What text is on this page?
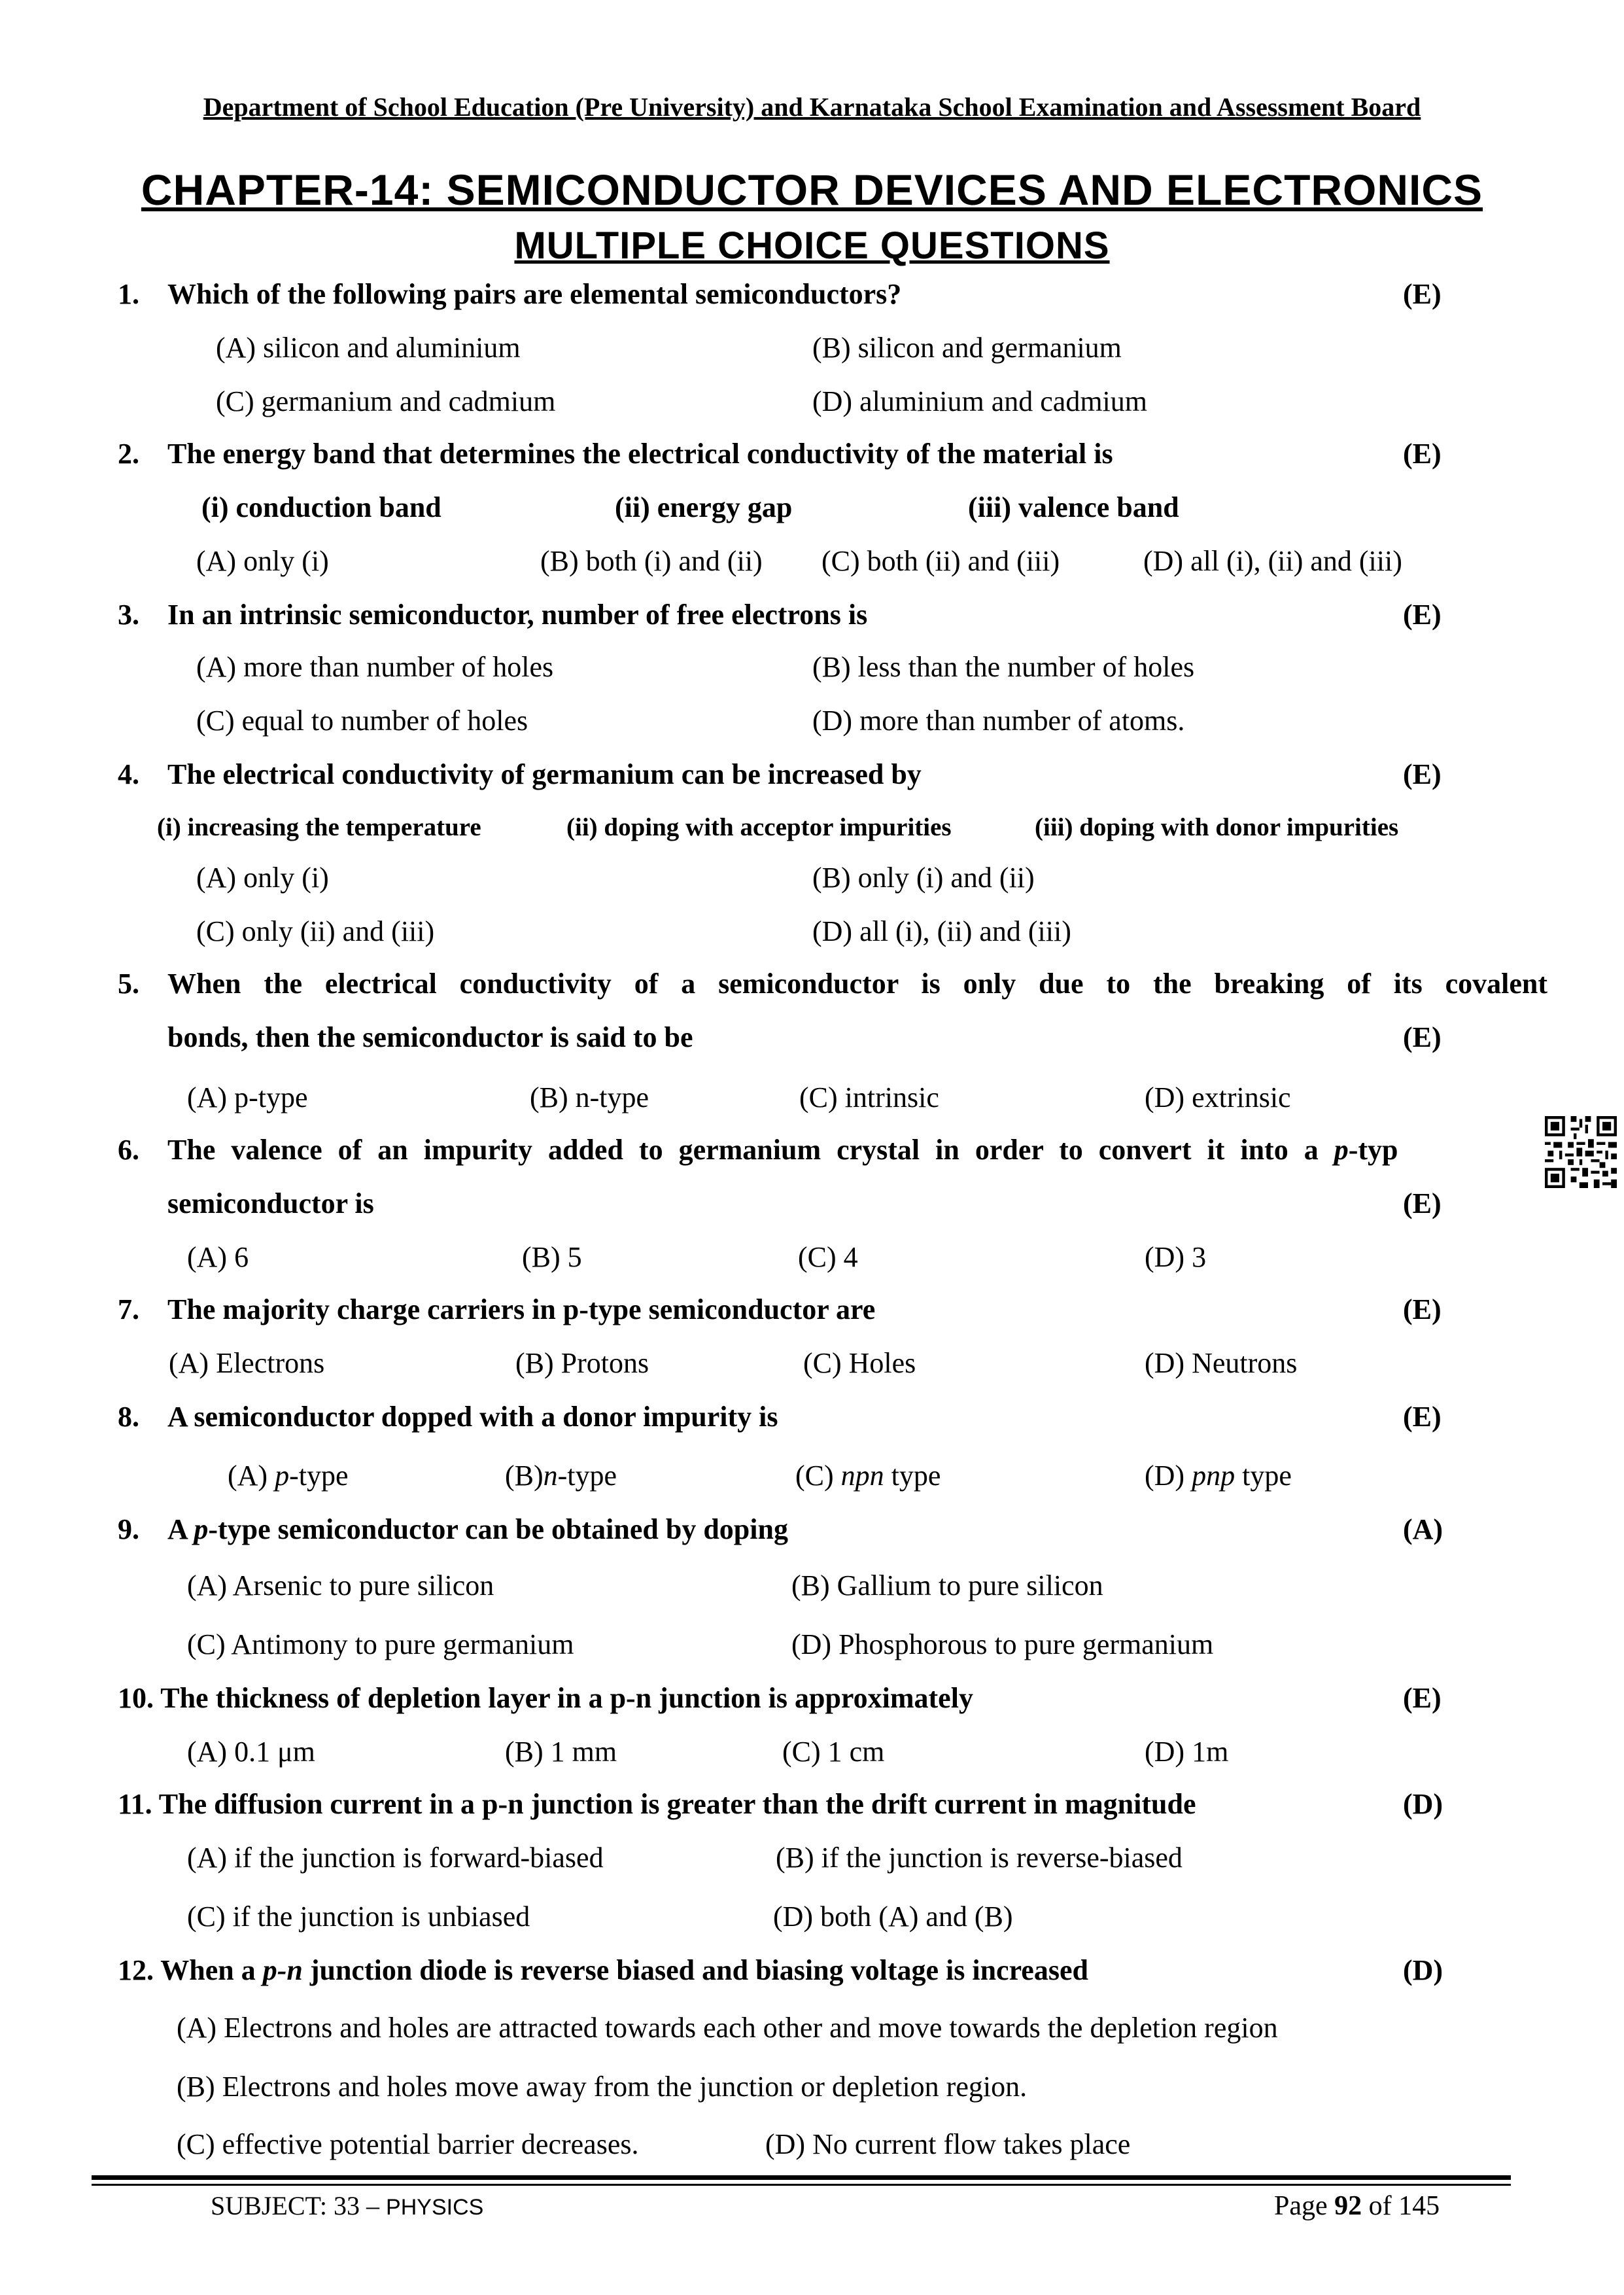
Department of School Education (Pre University) and Karnataka School Examination and Assessment Board
CHAPTER-14: SEMICONDUCTOR DEVICES AND ELECTRONICS
MULTIPLE CHOICE QUESTIONS
1. Which of the following pairs are elemental semiconductors?	(E)
(A) silicon and aluminium	(B) silicon and germanium
(C) germanium and cadmium	(D) aluminium and cadmium
2. The energy band that determines the electrical conductivity of the material is	(E)
(i) conduction band	(ii) energy gap	(iii) valence band
(A) only (i)	(B) both (i) and (ii) (C) both (ii) and (iii)	(D) all (i), (ii) and (iii)
3. In an intrinsic semiconductor, number of free electrons is	(E)
(A) more than number of holes	(B) less than the number of holes
(C) equal to number of holes	(D) more than number of atoms.
4. The electrical conductivity of germanium can be increased by	(E)
(i) increasing the temperature	(ii) doping with acceptor impurities	(iii) doping with donor impurities
(A) only (i)	(B) only (i) and (ii)
(C) only (ii) and (iii)	(D) all (i), (ii) and (iii)
5. When the electrical conductivity of a semiconductor is only due to the breaking of its covalent
bonds, then the semiconductor is said to be	(E)
(A) p-type	(B) n-type	(C) intrinsic	(D) extrinsic
6. The valence of an impurity added to germanium crystal in order to convert it into a p-typ
semiconductor is	(E)
(A) 6	(B) 5	(C) 4	(D) 3
7. The majority charge carriers in p-type semiconductor are	(E)
(A) Electrons	(B) Protons	(C) Holes	(D) Neutrons
8. A semiconductor dopped with a donor impurity is	(E)
(A) p-type	(B)n-type	(C) npn type	(D) pnp type
9. A p-type semiconductor can be obtained by doping	(A)
(A) Arsenic to pure silicon	(B) Gallium to pure silicon
(C) Antimony to pure germanium	(D) Phosphorous to pure germanium
10. The thickness of depletion layer in a p-n junction is approximately	(E)
(A) 0.1 μm	(B) 1 mm	(C) 1 cm	(D) 1m
11. The diffusion current in a p-n junction is greater than the drift current in magnitude	(D)
(A) if the junction is forward-biased	(B) if the junction is reverse-biased
(C) if the junction is unbiased	(D) both (A) and (B)
12. When a p-n junction diode is reverse biased and biasing voltage is increased	(D)
(A) Electrons and holes are attracted towards each other and move towards the depletion region
(B) Electrons and holes move away from the junction or depletion region.
(C) effective potential barrier decreases.	(D) No current flow takes place
SUBJECT: 33 – PHYSICS	Page 92 of 145
